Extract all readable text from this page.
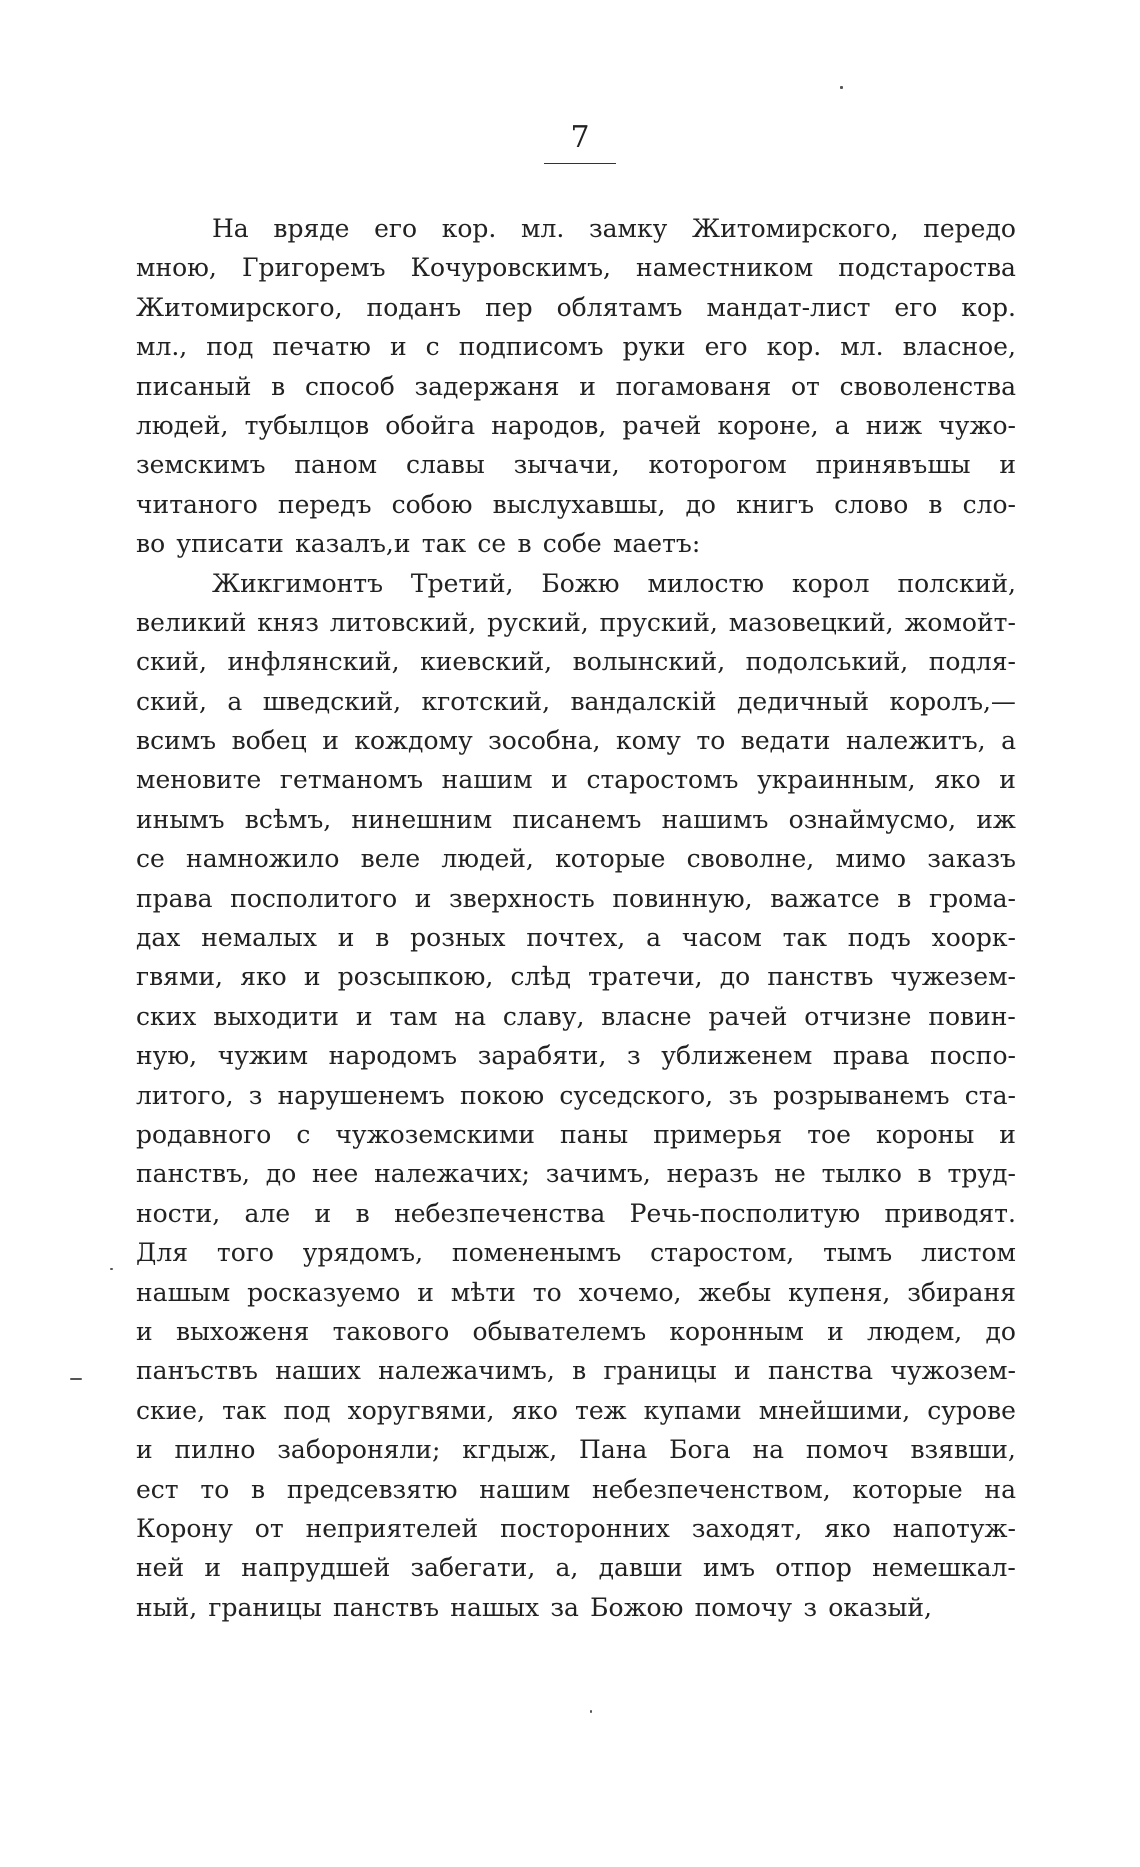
7
На вряде его кор. мл. замку Житомирского, передо
мною, Григоремъ Кочуровскимъ, наместником подстароства
Житомирского, поданъ пер облятамъ мандат-лист его кор.
мл., под печатю и с подписомъ руки его кор. мл. власное,
писаный в способ задержаня и погамованя от своволенства
людей, тубылцов обойга народов, рачей короне, а ниж чужо-
земскимъ паном славы зычачи, которогом принявъшы и
читаного передъ собою выслухавшы, до книгъ слово в сло-
во уписати казалъ,и так се в собе маетъ:
Жикгимонтъ Третий, Божю милостю корол полский,
великий княз литовский, руский, пруский, мазовецкий, жомойт-
ский, инфлянский, киевский, волынский, подолський, подля-
ский, а шведский, кготский, вандалскій дедичный королъ,—
всимъ вобец и кождому зособна, кому то ведати належитъ, а
меновите гетманомъ нашим и старостомъ украинным, яко и
инымъ всѣмъ, нинешним писанемъ нашимъ ознаймусмо, иж
се намножило веле людей, которые своволне, мимо заказъ
права посполитого и зверхность повинную, важатсе в грома-
дах немалых и в розных почтех, а часом так подъ хоорк-
гвями, яко и розсыпкою, слѣд тратечи, до панствъ чужезем-
ских выходити и там на славу, власне рачей отчизне повин-
ную, чужим народомъ зарабяти, з уближенем права поспо-
литого, з нарушенемъ покою суседского, зъ розрыванемъ ста-
родавного с чужоземскими паны примерья тое короны и
панствъ, до нее належачих; зачимъ, неразъ не тылко в труд-
ности, але и в небезпеченства Речь-посполитую приводят.
Для того урядомъ, помененымъ старостом, тымъ листом
нашым росказуемо и мѣти то хочемо, жебы купеня, збираня
и выхоженя таковогo обывателемъ коронным и людем, до
панъствъ наших належачимъ, в границы и панства чужозем-
ские, так под хоругвями, яко теж купами мнейшими, сурове
и пилно забороняли; кгдыж, Пана Бога на помоч взявши,
ест то в предсевзятю нашим небезпеченством, которые на
Корону от неприятелей посторонних заходят, яко напотуж-
ней и напрудшей забегати, а, давши имъ отпор немешкал-
ный, границы панствъ нашых за Божою помочу з оказый,
